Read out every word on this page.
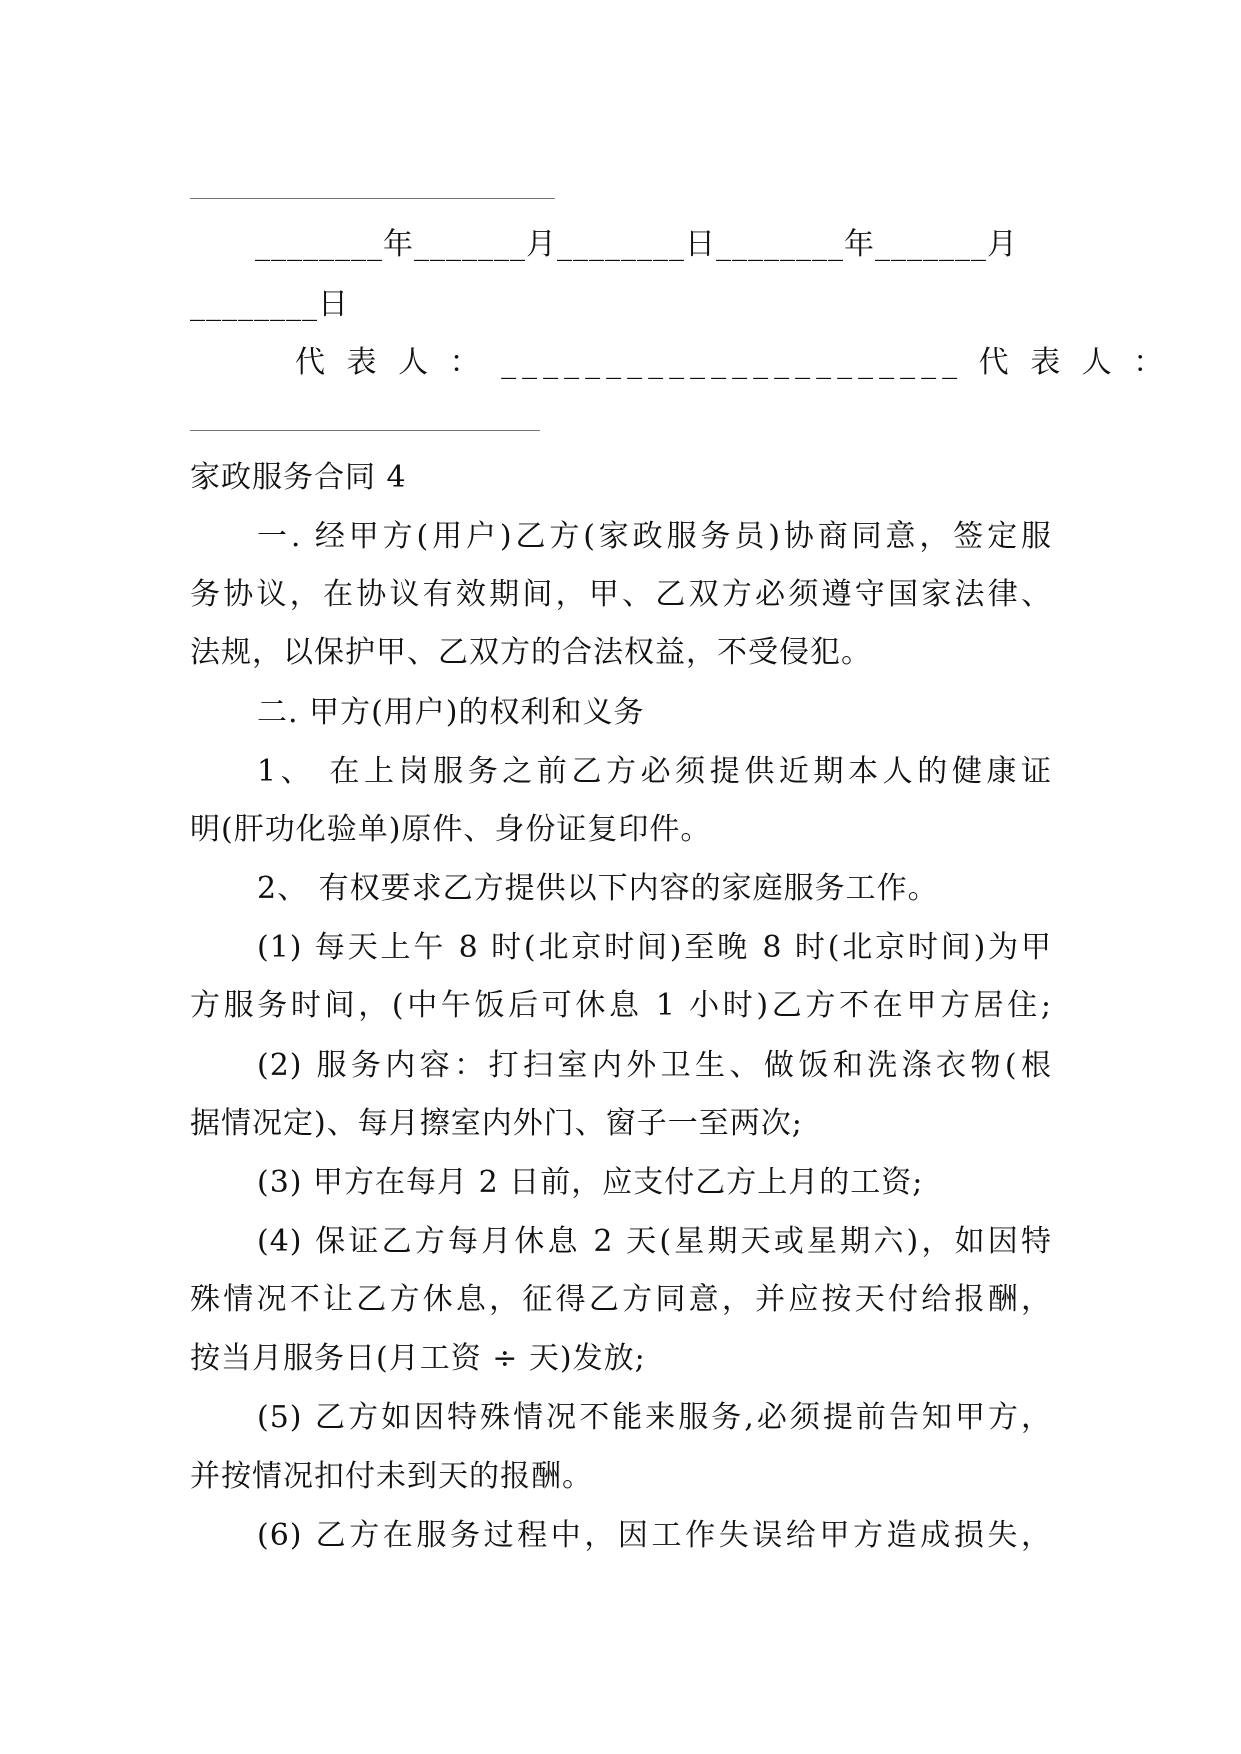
________年_______月________日________年_______月
________日
代 表 人 ： ______________________ 代 表 人 ：
家政服务合同 4
一. 经甲方(用户)乙方(家政服务员)协商同意，签定服
务协议，在协议有效期间，甲、乙双方必须遵守国家法律、
法规，以保护甲、乙双方的合法权益，不受侵犯。
二. 甲方(用户)的权利和义务
1、 在上岗服务之前乙方必须提供近期本人的健康证
明(肝功化验单)原件、身份证复印件。
2、 有权要求乙方提供以下内容的家庭服务工作。
(1) 每天上午 8 时(北京时间)至晚 8 时(北京时间)为甲
方服务时间，(中午饭后可休息 1 小时)乙方不在甲方居住;
(2) 服务内容：打扫室内外卫生、做饭和洗涤衣物(根
据情况定)、每月擦室内外门、窗子一至两次;
(3) 甲方在每月 2 日前，应支付乙方上月的工资;
(4) 保证乙方每月休息 2 天(星期天或星期六)，如因特
殊情况不让乙方休息，征得乙方同意，并应按天付给报酬，
按当月服务日(月工资 ÷ 天)发放;
(5) 乙方如因特殊情况不能来服务,必须提前告知甲方，
并按情况扣付未到天的报酬。
(6) 乙方在服务过程中，因工作失误给甲方造成损失，
